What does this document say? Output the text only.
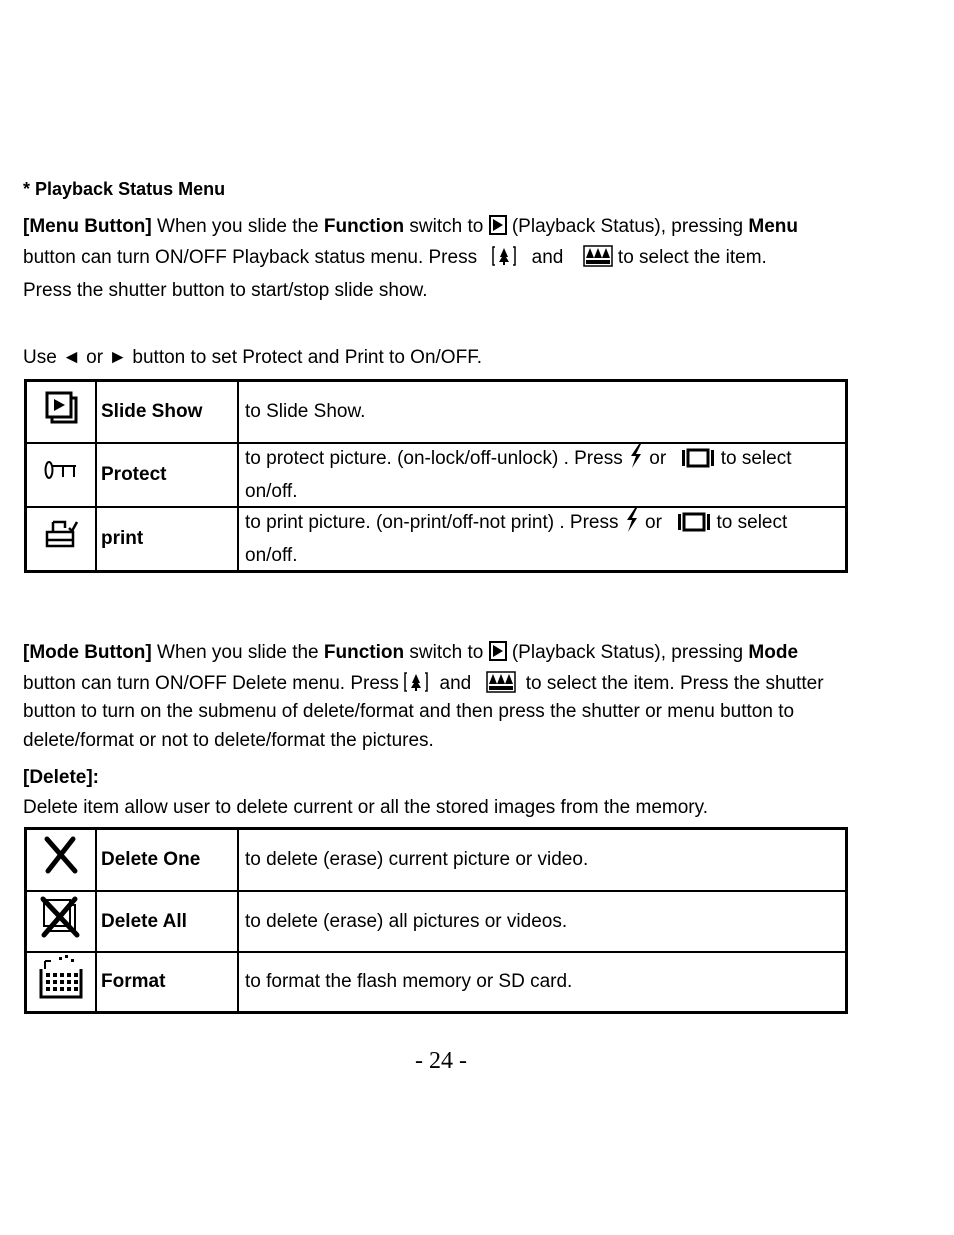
* Playback Status Menu
[Menu Button] When you slide the Function switch to
(Playback Status), pressing Menu
button can turn ON/OFF Playback status menu. Press	and	to select the item.
Press the shutter button to start/stop slide show.
Use ◄ or ► button to set Protect and Print to On/OFF.
	Slide Show	to Slide Show.
	Protect	to protect picture. (on-lock/off-unlock) . Press or to select
on/off.
	print	to print picture. (on-print/off-not print) . Press or to select
on/off.
[Mode Button] When you slide the Function switch to
(Playback Status), pressing Mode
button can turn ON/OFF Delete menu. Press and	to select the item. Press the shutter
button to turn on the submenu of delete/format and then press the shutter or menu button to
delete/format or not to delete/format the pictures.
[Delete]:
Delete item allow user to delete current or all the stored images from the memory.
	Delete One	to delete (erase) current picture or video.
	Delete All	to delete (erase) all pictures or videos.
	Format	to format the flash memory or SD card.
- 24 -
